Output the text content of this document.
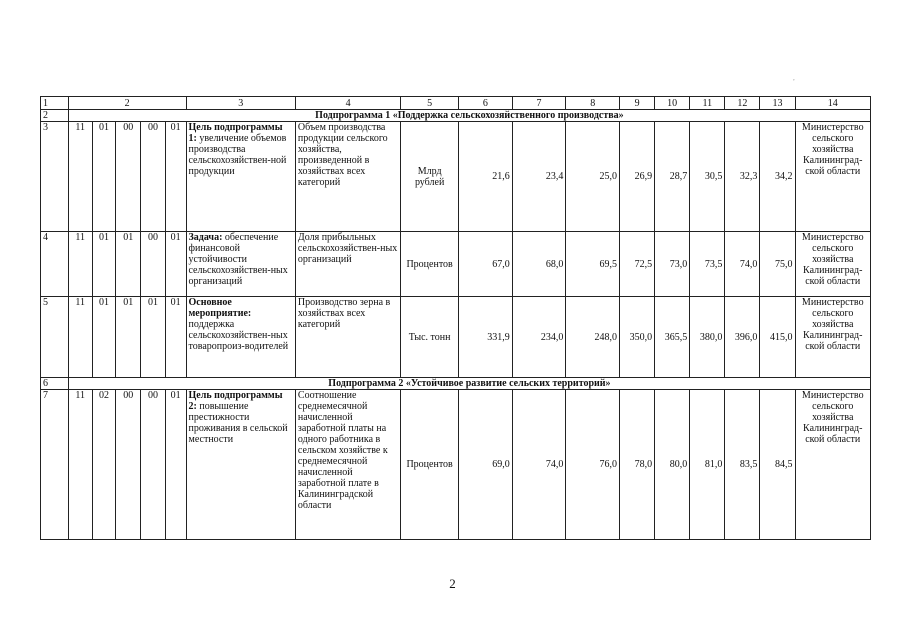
,
1	2					3	4	5	6	7	8	9	10	11	12	13	14
2	Подпрограмма 1 «Поддержка сельскохозяйственного производства»																
3	11	01	00	00	01	Цель подпрограммы 1: увеличение объемов производства сельскохозяйствен-ной продукции	Объем производства продукции сельского хозяйства, произведенной в хозяйствах всех категорий	Млрд рублей	21,6	23,4	25,0	26,9	28,7	30,5	32,3	34,2	Министерство сельского хозяйства Калининград-ской области
4	11	01	01	00	01	Задача: обеспечение финансовой устойчивости сельскохозяйствен-ных организаций	Доля прибыльных сельскохозяйствен-ных организаций	Процентов	67,0	68,0	69,5	72,5	73,0	73,5	74,0	75,0	Министерство сельского хозяйства Калининград-ской области
5	11	01	01	01	01	Основное мероприятие: поддержка сельскохозяйствен-ных товаропроиз-водителей	Производство зерна в хозяйствах всех категорий	Тыс. тонн	331,9	234,0	248,0	350,0	365,5	380,0	396,0	415,0	Министерство сельского хозяйства Калининград-ской области
6	Подпрограмма 2 «Устойчивое развитие сельских территорий»																
7	11	02	00	00	01	Цель подпрограммы 2: повышение престижности проживания в сельской местности	Соотношение среднемесячной начисленной заработной платы на одного работника в сельском хозяйстве к среднемесячной начисленной заработной плате в Калининградской области	Процентов	69,0	74,0	76,0	78,0	80,0	81,0	83,5	84,5	Министерство сельского хозяйства Калининград-ской области
2
